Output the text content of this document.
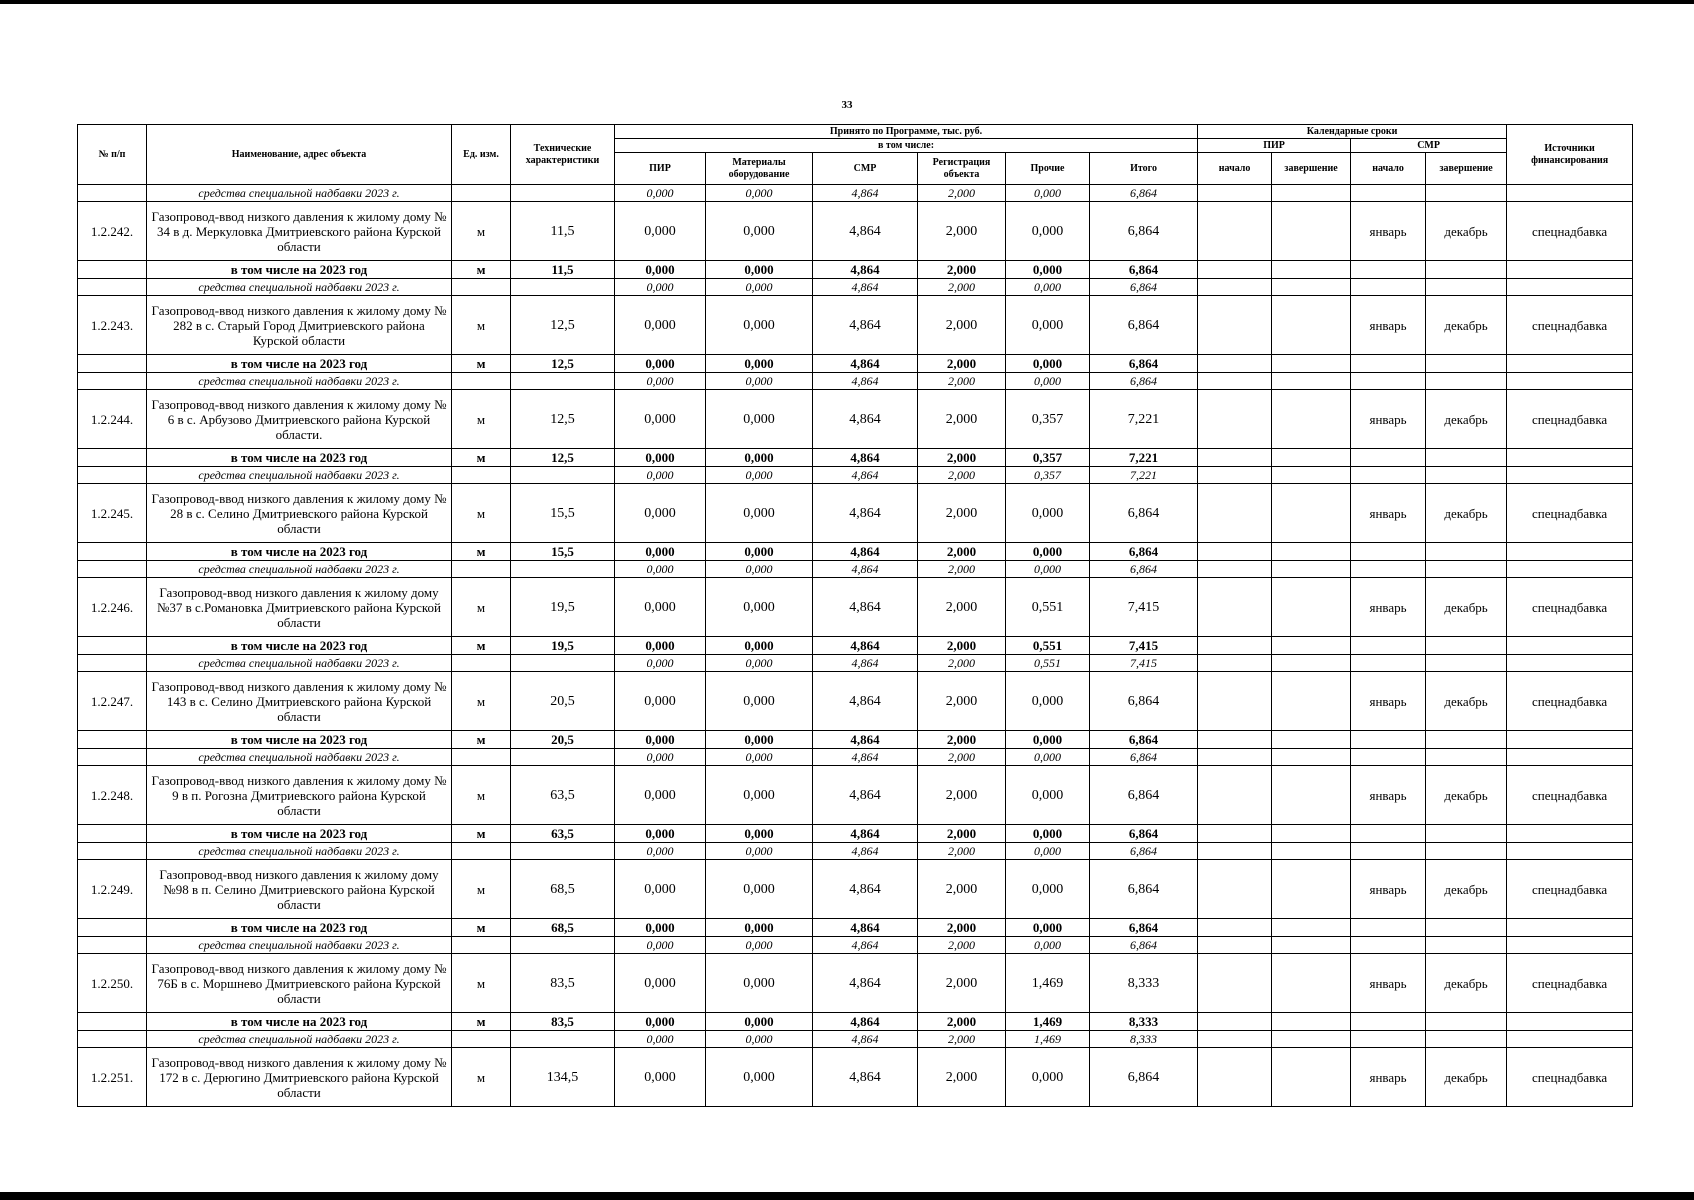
33
№ п/п	Наименование, адрес объекта	Ед. изм.	Технические характеристики	Принято по Программе, тыс. руб.						Календарные сроки				Источники финансирования
				в том числе:						ПИР		СМР		
				ПИР	Материалы оборудование	СМР	Регистрация объекта	Прочие	Итого	начало	завершение	начало	завершение	
	средства специальной надбавки 2023 г.			0,000	0,000	4,864	2,000	0,000	6,864					
1.2.242.	Газопровод-ввод низкого давления к жилому дому № 34 в д. Меркуловка Дмитриевского района Курской области	м	11,5	0,000	0,000	4,864	2,000	0,000	6,864			январь	декабрь	спецнадбавка
	в том числе на 2023 год	м	11,5	0,000	0,000	4,864	2,000	0,000	6,864					
	средства специальной надбавки 2023 г.			0,000	0,000	4,864	2,000	0,000	6,864					
1.2.243.	Газопровод-ввод низкого давления к жилому дому № 282 в с. Старый Город Дмитриевского района Курской области	м	12,5	0,000	0,000	4,864	2,000	0,000	6,864			январь	декабрь	спецнадбавка
	в том числе на 2023 год	м	12,5	0,000	0,000	4,864	2,000	0,000	6,864					
	средства специальной надбавки 2023 г.			0,000	0,000	4,864	2,000	0,000	6,864					
1.2.244.	Газопровод-ввод низкого давления к жилому дому № 6 в с. Арбузово Дмитриевского района Курской области.	м	12,5	0,000	0,000	4,864	2,000	0,357	7,221			январь	декабрь	спецнадбавка
	в том числе на 2023 год	м	12,5	0,000	0,000	4,864	2,000	0,357	7,221					
	средства специальной надбавки 2023 г.			0,000	0,000	4,864	2,000	0,357	7,221					
1.2.245.	Газопровод-ввод низкого давления к жилому дому № 28 в с. Селино Дмитриевского района Курской области	м	15,5	0,000	0,000	4,864	2,000	0,000	6,864			январь	декабрь	спецнадбавка
	в том числе на 2023 год	м	15,5	0,000	0,000	4,864	2,000	0,000	6,864					
	средства специальной надбавки 2023 г.			0,000	0,000	4,864	2,000	0,000	6,864					
1.2.246.	Газопровод-ввод низкого давления к жилому дому №37 в с.Романовка Дмитриевского района Курской области	м	19,5	0,000	0,000	4,864	2,000	0,551	7,415			январь	декабрь	спецнадбавка
	в том числе на 2023 год	м	19,5	0,000	0,000	4,864	2,000	0,551	7,415					
	средства специальной надбавки 2023 г.			0,000	0,000	4,864	2,000	0,551	7,415					
1.2.247.	Газопровод-ввод низкого давления к жилому дому № 143 в с. Селино Дмитриевского района Курской области	м	20,5	0,000	0,000	4,864	2,000	0,000	6,864			январь	декабрь	спецнадбавка
	в том числе на 2023 год	м	20,5	0,000	0,000	4,864	2,000	0,000	6,864					
	средства специальной надбавки 2023 г.			0,000	0,000	4,864	2,000	0,000	6,864					
1.2.248.	Газопровод-ввод низкого давления к жилому дому № 9 в п. Рогозна Дмитриевского района Курской области	м	63,5	0,000	0,000	4,864	2,000	0,000	6,864			январь	декабрь	спецнадбавка
	в том числе на 2023 год	м	63,5	0,000	0,000	4,864	2,000	0,000	6,864					
	средства специальной надбавки 2023 г.			0,000	0,000	4,864	2,000	0,000	6,864					
1.2.249.	Газопровод-ввод низкого давления к жилому дому №98 в п. Селино Дмитриевского района Курской области	м	68,5	0,000	0,000	4,864	2,000	0,000	6,864			январь	декабрь	спецнадбавка
	в том числе на 2023 год	м	68,5	0,000	0,000	4,864	2,000	0,000	6,864					
	средства специальной надбавки 2023 г.			0,000	0,000	4,864	2,000	0,000	6,864					
1.2.250.	Газопровод-ввод низкого давления к жилому дому № 76Б в с. Моршнево Дмитриевского района Курской области	м	83,5	0,000	0,000	4,864	2,000	1,469	8,333			январь	декабрь	спецнадбавка
	в том числе на 2023 год	м	83,5	0,000	0,000	4,864	2,000	1,469	8,333					
	средства специальной надбавки 2023 г.			0,000	0,000	4,864	2,000	1,469	8,333					
1.2.251.	Газопровод-ввод низкого давления к жилому дому № 172 в с. Дерюгино Дмитриевского района Курской области	м	134,5	0,000	0,000	4,864	2,000	0,000	6,864			январь	декабрь	спецнадбавка
